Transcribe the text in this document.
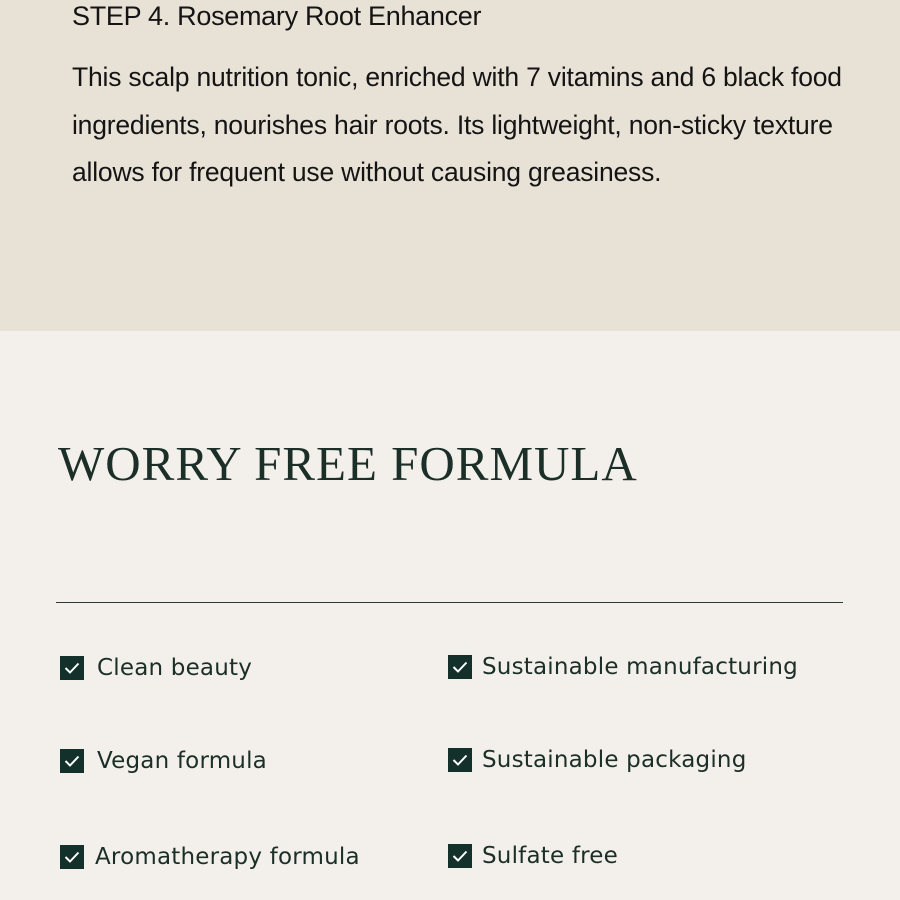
STEP 4. Rosemary Root Enhancer

This scalp nutrition tonic, enriched with 7 vitamins and 6 black food ingredients, nourishes hair roots. Its lightweight, non-sticky texture allows for frequent use without causing greasiness.

WORRY FREE FORMULA
Clean beauty
Vegan formula
Aromatherapy formula
Sustainable manufacturing
Sustainable packaging
Sulfate free
